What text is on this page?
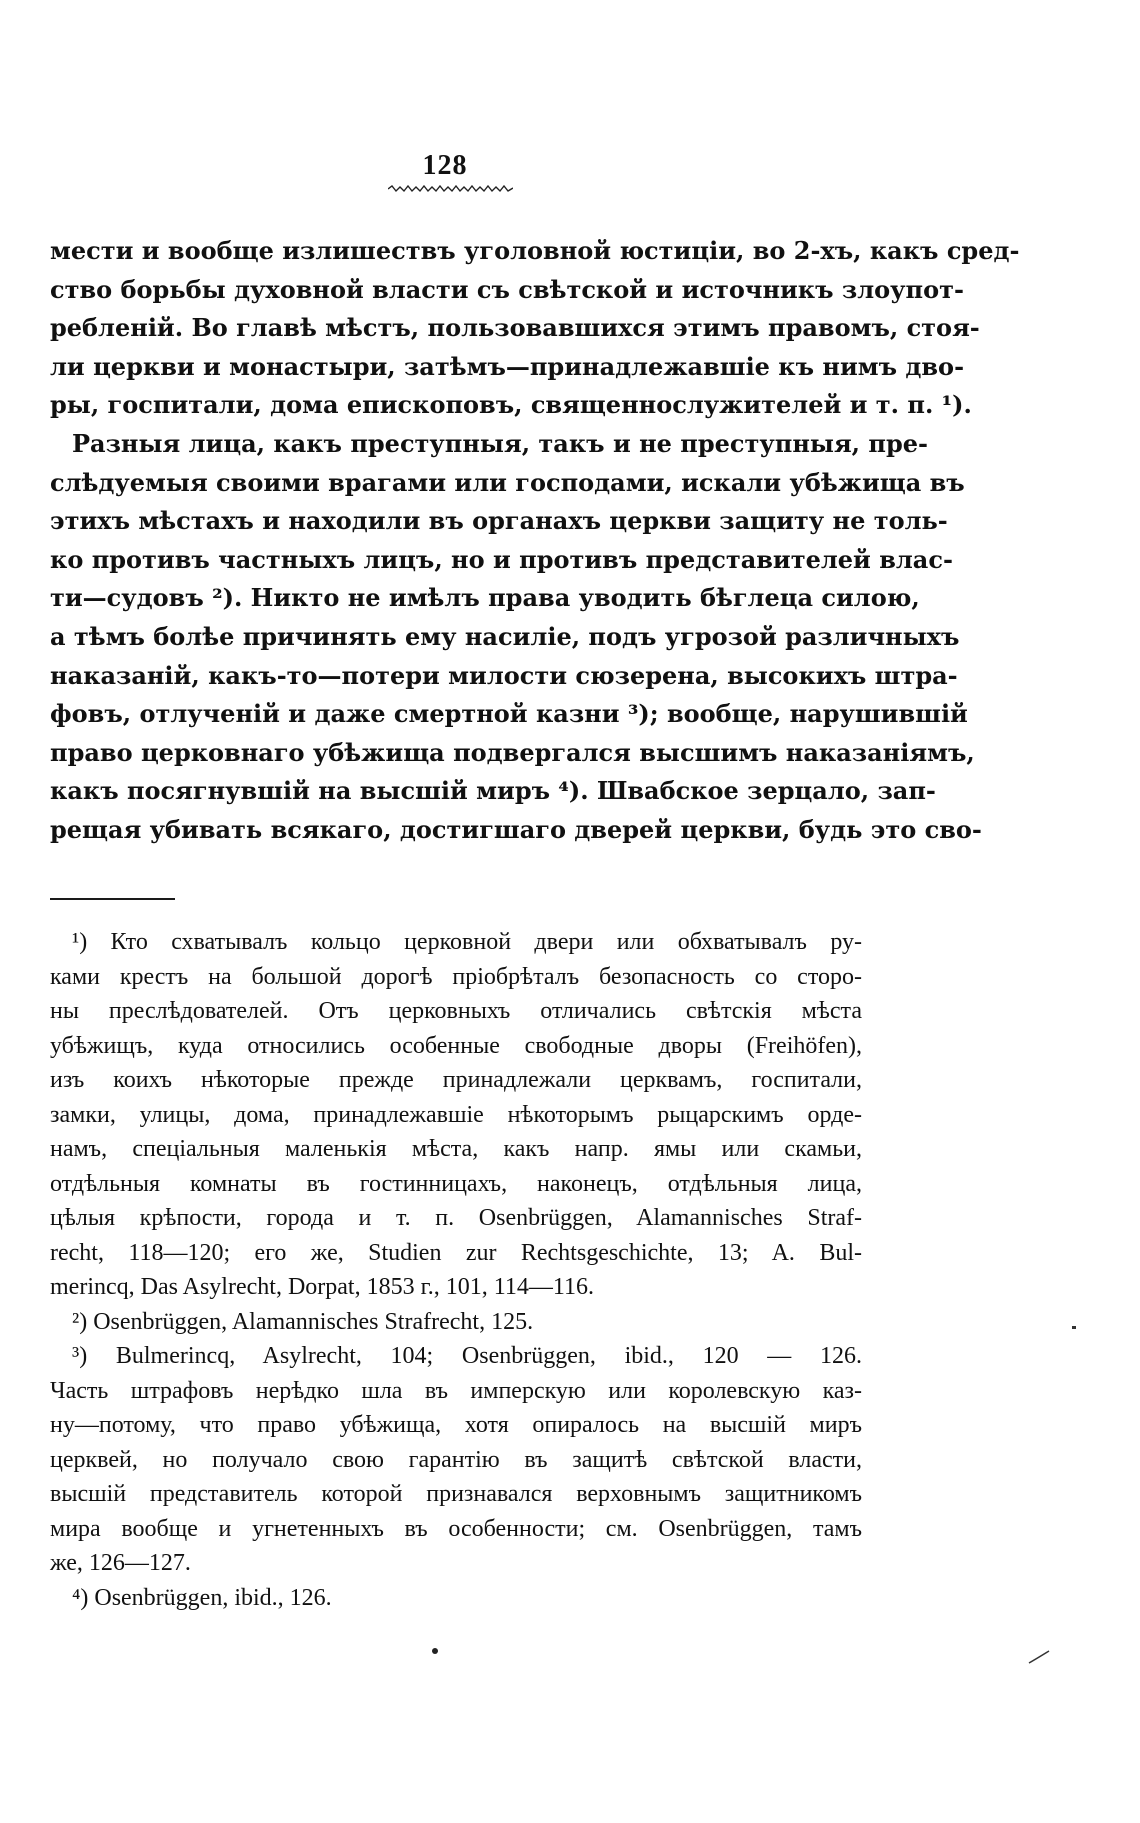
128
мести и вообще излишествъ уголовной юстиціи, во 2-хъ, какъ сред-
ство борьбы духовной власти съ свѣтской и источникъ злоупот-
ребленій. Во главѣ мѣстъ, пользовавшихся этимъ правомъ, стоя-
ли церкви и монастыри, затѣмъ—принадлежавшіе къ нимъ дво-
ры, госпитали, дома епископовъ, священнослужителей и т. п. ¹).
Разныя лица, какъ преступныя, такъ и не преступныя, пре-
слѣдуемыя своими врагами или господами, искали убѣжища въ
этихъ мѣстахъ и находили въ органахъ церкви защиту не толь-
ко противъ частныхъ лицъ, но и противъ представителей влас-
ти—судовъ ²). Никто не имѣлъ права уводить бѣглеца силою,
а тѣмъ болѣе причинять ему насиліе, подъ угрозой различныхъ
наказаній, какъ-то—потери милости сюзерена, высокихъ штра-
фовъ, отлученій и даже смертной казни ³); вообще, нарушившій
право церковнаго убѣжища подвергался высшимъ наказаніямъ,
какъ посягнувшій на высшій миръ ⁴). Швабское зерцало, зап-
рещая убивать всякаго, достигшаго дверей церкви, будь это сво-
¹) Кто схватывалъ кольцо церковной двери или обхватывалъ ру-
ками крестъ на большой дорогѣ пріобрѣталъ безопасность со сторо-
ны преслѣдователей. Отъ церковныхъ отличались свѣтскія мѣста
убѣжищъ, куда относились особенные свободные дворы (Freihöfen),
изъ коихъ нѣкоторые прежде принадлежали церквамъ, госпитали,
замки, улицы, дома, принадлежавшіе нѣкоторымъ рыцарскимъ орде-
намъ, спеціальныя маленькія мѣста, какъ напр. ямы или скамьи,
отдѣльныя комнаты въ гостинницахъ, наконецъ, отдѣльныя лица,
цѣлыя крѣпости, города и т. п. Osenbrüggen, Alamannisches Straf-
recht, 118—120; его же, Studien zur Rechtsgeschichte, 13; A. Bul-
merincq, Das Asylrecht, Dorpat, 1853 г., 101, 114—116.
²) Osenbrüggen, Alamannisches Strafrecht, 125.
³) Bulmerincq, Asylrecht, 104; Osenbrüggen, ibid., 120 — 126.
Часть штрафовъ нерѣдко шла въ имперскую или королевскую каз-
ну—потому, что право убѣжища, хотя опиралось на высшій миръ
церквей, но получало свою гарантію въ защитѣ свѣтской власти,
высшій представитель которой признавался верховнымъ защитникомъ
мира вообще и угнетенныхъ въ особенности; см. Osenbrüggen, тамъ
же, 126—127.
⁴) Osenbrüggen, ibid., 126.
